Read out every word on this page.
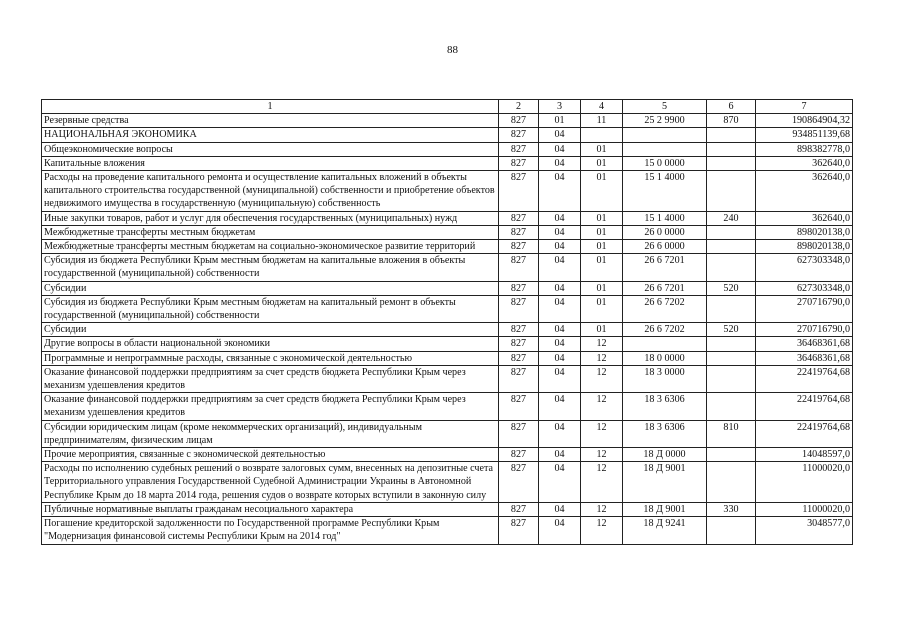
88
1	2	3	4	5	6	7
Резервные средства	827	01	11	25 2 9900	870	190864904,32
НАЦИОНАЛЬНАЯ ЭКОНОМИКА	827	04				934851139,68
Общеэкономические вопросы	827	04	01			898382778,0
Капитальные вложения	827	04	01	15 0 0000		362640,0
Расходы на проведение капитального ремонта и осуществление капитальных вложений в объекты капитального строительства государственной (муниципальной) собственности и приобретение объектов недвижимого имущества в государственную (муниципальную) собственность	827	04	01	15 1 4000		362640,0
Иные закупки товаров, работ и услуг для обеспечения государственных (муниципальных) нужд	827	04	01	15 1 4000	240	362640,0
Межбюджетные трансферты местным бюджетам	827	04	01	26 0 0000		898020138,0
Межбюджетные трансферты местным бюджетам на социально-экономическое развитие территорий	827	04	01	26 6 0000		898020138,0
Субсидия из бюджета Республики Крым местным бюджетам на капитальные вложения в объекты государственной (муниципальной) собственности	827	04	01	26 6 7201		627303348,0
Субсидии	827	04	01	26 6 7201	520	627303348,0
Субсидия из бюджета Республики Крым местным бюджетам на капитальный ремонт в объекты государственной (муниципальной) собственности	827	04	01	26 6 7202		270716790,0
Субсидии	827	04	01	26 6 7202	520	270716790,0
Другие вопросы в области национальной экономики	827	04	12			36468361,68
Программные и непрограммные расходы, связанные с экономической деятельностью	827	04	12	18 0 0000		36468361,68
Оказание финансовой поддержки предприятиям за счет средств бюджета Республики Крым через механизм удешевления кредитов	827	04	12	18 3 0000		22419764,68
Оказание финансовой поддержки предприятиям за счет средств бюджета Республики Крым через механизм удешевления кредитов	827	04	12	18 3 6306		22419764,68
Субсидии юридическим лицам (кроме некоммерческих организаций), индивидуальным предпринимателям, физическим лицам	827	04	12	18 3 6306	810	22419764,68
Прочие мероприятия, связанные с экономической деятельностью	827	04	12	18 Д 0000		14048597,0
Расходы по исполнению судебных решений о возврате залоговых сумм, внесенных на депозитные счета Территориального управления Государственной Судебной Администрации Украины в Автономной Республике Крым до 18 марта 2014 года, решения судов о возврате которых вступили в законную силу	827	04	12	18 Д 9001		11000020,0
Публичные нормативные выплаты гражданам несоциального характера	827	04	12	18 Д 9001	330	11000020,0
Погашение кредиторской задолженности по Государственной программе Республики Крым "Модернизация финансовой системы Республики Крым на 2014 год"	827	04	12	18 Д 9241		3048577,0
